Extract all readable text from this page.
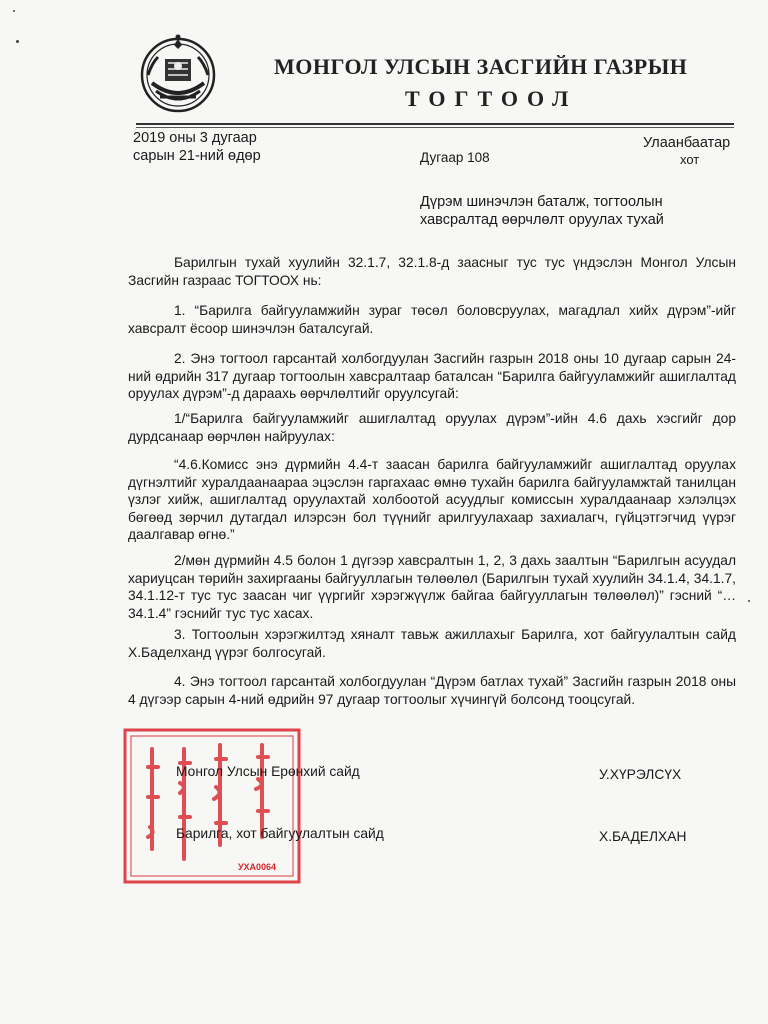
МОНГОЛ УЛСЫН ЗАСГИЙН ГАЗРЫН
ТОГТООЛ
2019 оны 3 дугаар
сарын 21-ний өдөр	Дугаар 108
Улаанбаатар
хот
Дүрэм шинэчлэн баталж, тогтоолын
хавсралтад өөрчлөлт оруулах тухай
Барилгын тухай хуулийн 32.1.7, 32.1.8-д заасныг тус тус үндэслэн Монгол Улсын Засгийн газраас ТОГТООХ нь:
1. “Барилга байгууламжийн зураг төсөл боловсруулах, магадлал хийх дүрэм”-ийг хавсралт ёсоор шинэчлэн баталсугай.
2. Энэ тогтоол гарсантай холбогдуулан Засгийн газрын 2018 оны 10 дугаар сарын 24-ний өдрийн 317 дугаар тогтоолын хавсралтаар баталсан “Барилга байгууламжийг ашиглалтад оруулах дүрэм”-д дараахь өөрчлөлтийг оруулсугай:
1/“Барилга байгууламжийг ашиглалтад оруулах дүрэм”-ийн 4.6 дахь хэсгийг дор дурдсанаар өөрчлөн найруулах:
“4.6.Комисс энэ дүрмийн 4.4-т заасан барилга байгууламжийг ашиглалтад оруулах дүгнэлтийг хуралдаанаараа эцэслэн гаргахаас өмнө тухайн барилга байгууламжтай танилцан үзлэг хийж, ашиглалтад оруулахтай холбоотой асуудлыг комиссын хуралдаанаар хэлэлцэх бөгөөд зөрчил дутагдал илэрсэн бол түүнийг арилгуулахаар захиалагч, гүйцэтгэгчид үүрэг даалгавар өгнө.”
2/мөн дүрмийн 4.5 болон 1 дүгээр хавсралтын 1, 2, 3 дахь заалтын “Барилгын асуудал хариуцсан төрийн захиргааны байгууллагын төлөөлөл (Барилгын тухай хуулийн 34.1.4, 34.1.7, 34.1.12-т тус тус заасан чиг үүргийг хэрэгжүүлж байгаа байгууллагын төлөөлөл)” гэсний “…34.1.4” гэснийг тус тус хасах.
3. Тогтоолын хэрэгжилтэд хяналт тавьж ажиллахыг Барилга, хот байгуулалтын сайд Х.Баделханд үүрэг болгосугай.
4. Энэ тогтоол гарсантай холбогдуулан “Дүрэм батлах тухай” Засгийн газрын 2018 оны 4 дүгээр сарын 4-ний өдрийн 97 дугаар тогтоолыг хүчингүй болсонд тооцсугай.
УХА0064
Монгол Улсын Ерөнхий сайд	У.ХҮРЭЛСҮХ
Барилга, хот байгуулалтын сайд	Х.БАДЕЛХАН
